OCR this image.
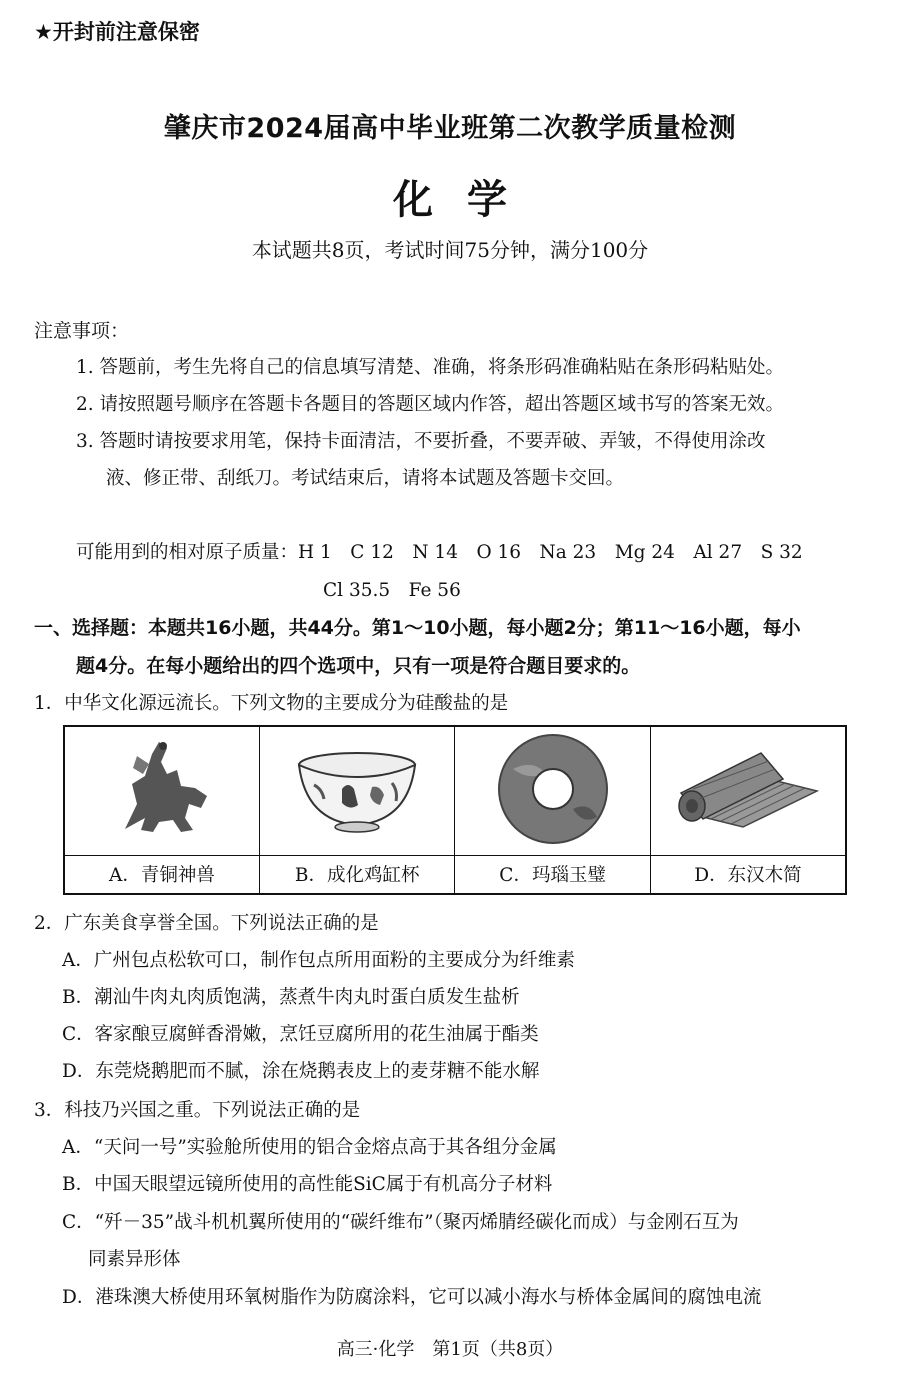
★开封前注意保密
肇庆市2024届高中毕业班第二次教学质量检测
化学
本试题共8页，考试时间75分钟，满分100分
注意事项：
1. 答题前，考生先将自己的信息填写清楚、准确，将条形码准确粘贴在条形码粘贴处。
2. 请按照题号顺序在答题卡各题目的答题区域内作答，超出答题区域书写的答案无效。
3. 答题时请按要求用笔，保持卡面清洁，不要折叠，不要弄破、弄皱，不得使用涂改
液、修正带、刮纸刀。考试结束后，请将本试题及答题卡交回。
可能用到的相对原子质量：H 1　C 12　N 14　O 16　Na 23　Mg 24　Al 27　S 32
Cl 35.5　Fe 56
一、选择题：本题共16小题，共44分。第1～10小题，每小题2分；第11～16小题，每小
题4分。在每小题给出的四个选项中，只有一项是符合题目要求的。
1．中华文化源远流长。下列文物的主要成分为硅酸盐的是

A．青铜神兽	B．成化鸡缸杯	C．玛瑙玉璧	D．东汉木简
2．广东美食享誉全国。下列说法正确的是
A．广州包点松软可口，制作包点所用面粉的主要成分为纤维素
B．潮汕牛肉丸肉质饱满，蒸煮牛肉丸时蛋白质发生盐析
C．客家酿豆腐鲜香滑嫩，烹饪豆腐所用的花生油属于酯类
D．东莞烧鹅肥而不腻，涂在烧鹅表皮上的麦芽糖不能水解
3．科技乃兴国之重。下列说法正确的是
A．“天问一号”实验舱所使用的铝合金熔点高于其各组分金属
B．中国天眼望远镜所使用的高性能SiC属于有机高分子材料
C．“歼－35”战斗机机翼所使用的“碳纤维布”（聚丙烯腈经碳化而成）与金刚石互为
同素异形体
D．港珠澳大桥使用环氧树脂作为防腐涂料，它可以减小海水与桥体金属间的腐蚀电流
高三·化学　第1页（共8页）
